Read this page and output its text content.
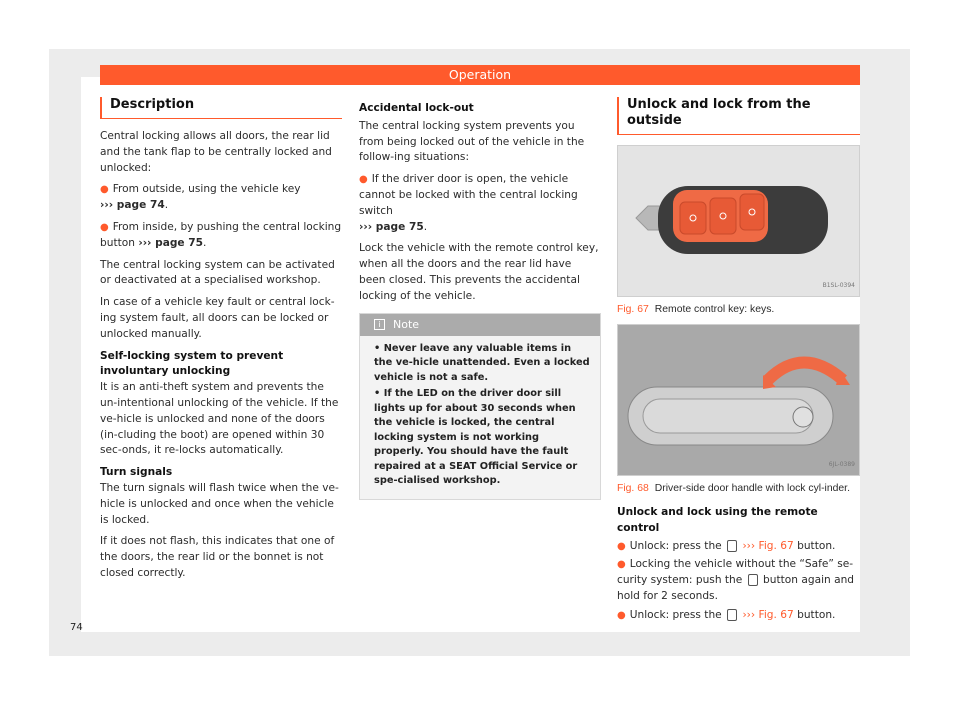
Operation
Description

Central locking allows all doors, the rear lid and the tank flap to be centrally locked and unlocked:

● From outside, using the vehicle key
››› page 74.

● From inside, by pushing the central locking button ››› page 75.

The central locking system can be activated or deactivated at a specialised workshop.

In case of a vehicle key fault or central lock-ing system fault, all doors can be locked or unlocked manually.

Self-locking system to prevent involuntary unlocking

It is an anti-theft system and prevents the un-intentional unlocking of the vehicle. If the ve-hicle is unlocked and none of the doors (in-cluding the boot) are opened within 30 sec-onds, it re-locks automatically.

Turn signals

The turn signals will flash twice when the ve-hicle is unlocked and once when the vehicle is locked.

If it does not flash, this indicates that one of the doors, the rear lid or the bonnet is not closed correctly.

Accidental lock-out

The central locking system prevents you from being locked out of the vehicle in the follow-ing situations:

● If the driver door is open, the vehicle cannot be locked with the central locking switch
››› page 75.

Lock the vehicle with the remote control key, when all the doors and the rear lid have been closed. This prevents the accidental locking of the vehicle.

i Note

• Never leave any valuable items in the ve-hicle unattended. Even a locked vehicle is not a safe.

• If the LED on the driver door sill lights up for about 30 seconds when the vehicle is locked, the central locking system is not working properly. You should have the fault repaired at a SEAT Official Service or spe-cialised workshop.

Unlock and lock from the outside
B1SL-0394
Fig. 67 Remote control key: keys.
6JL-0389
Fig. 68 Driver-side door handle with lock cyl-inder.

Unlock and lock using the remote control

● Unlock: press the ››› Fig. 67 button.

● Locking the vehicle without the “Safe” se-curity system: push the button again and hold for 2 seconds.

● Unlock: press the ››› Fig. 67 button.

74
